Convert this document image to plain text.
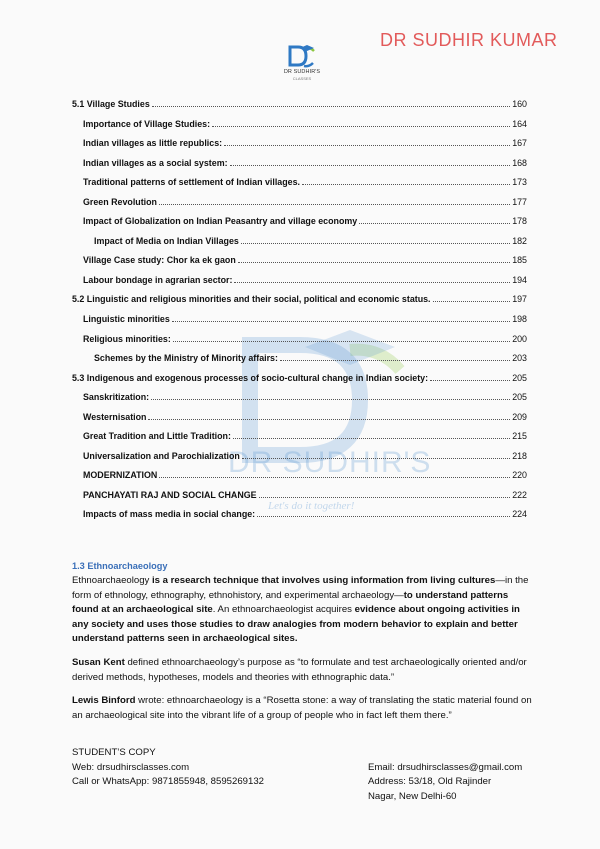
DR SUDHIR KUMAR
DR SUDHIR'S
CLASSES
DR SUDHIR'S
Let's do it together!
5.1 Village Studies	160
Importance of Village Studies:	164
Indian villages as little republics:	167
Indian villages as a social system:	168
Traditional patterns of settlement of Indian villages.	173
Green Revolution	177
Impact of Globalization on Indian Peasantry and village economy	178
Impact of Media on Indian Villages	182
Village Case study: Chor ka ek gaon	185
Labour bondage in agrarian sector:	194
5.2 Linguistic and religious minorities and their social, political and economic status.	197
Linguistic minorities	198
Religious minorities:	200
Schemes by the Ministry of Minority affairs:	203
5.3 Indigenous and exogenous processes of socio-cultural change in Indian society:	205
Sanskritization:	205
Westernisation	209
Great Tradition and Little Tradition:	215
Universalization and Parochialization	218
MODERNIZATION	220
PANCHAYATI RAJ AND SOCIAL CHANGE	222
Impacts of mass media in social change:	224
1.3 Ethnoarchaeology
Ethnoarchaeology is a research technique that involves using information from living cultures—in the form of ethnology, ethnography, ethnohistory, and experimental archaeology—to understand patterns found at an archaeological site. An ethnoarchaeologist acquires evidence about ongoing activities in any society and uses those studies to draw analogies from modern behavior to explain and better understand patterns seen in archaeological sites.
Susan Kent defined ethnoarchaeology’s purpose as “to formulate and test archaeologically oriented and/or derived methods, hypotheses, models and theories with ethnographic data.”
Lewis Binford wrote: ethnoarchaeology is a “Rosetta stone: a way of translating the static material found on an archaeological site into the vibrant life of a group of people who in fact left them there.”
STUDENT’S COPY
Web: drsudhirsclasses.com
Call or WhatsApp: 9871855948, 8595269132
Email: drsudhirsclasses@gmail.com
Address: 53/18, Old Rajinder
Nagar, New Delhi-60
